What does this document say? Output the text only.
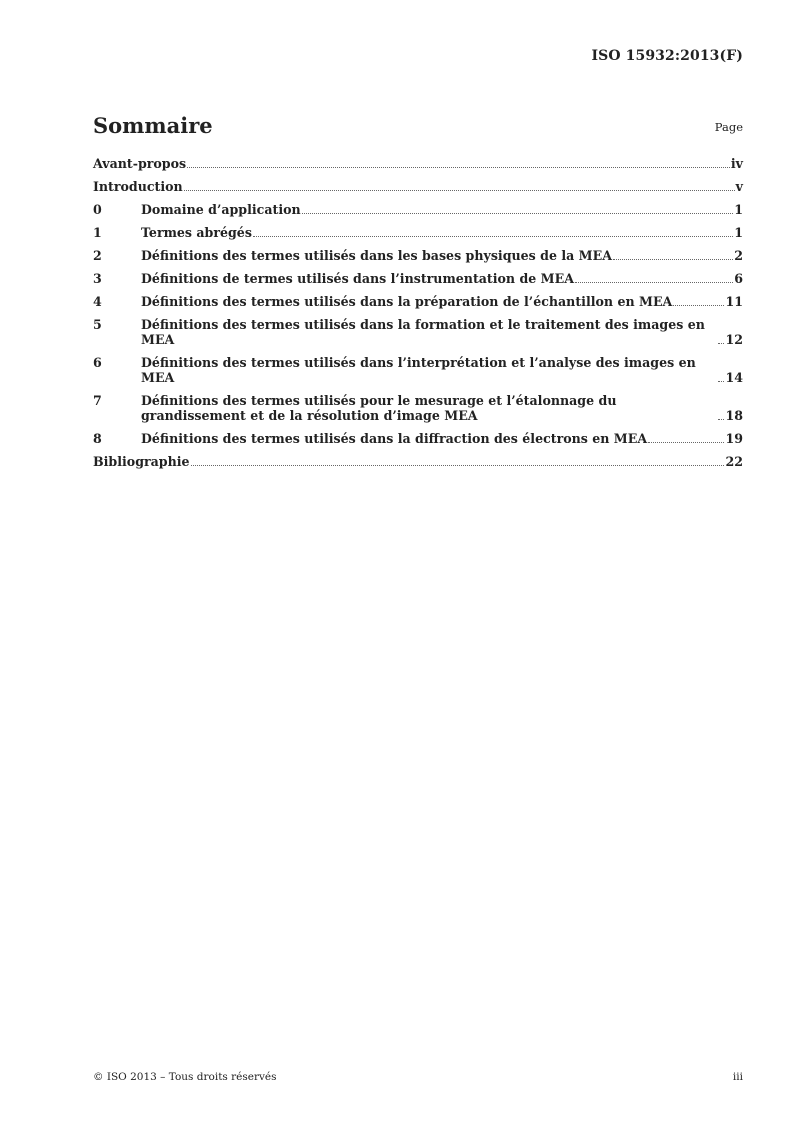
ISO 15932:2013(F)
Sommaire	Page
Avant-propos	iv
Introduction	v
0	Domaine d’application	1
1	Termes abrégés	1
2	Définitions des termes utilisés dans les bases physiques de la MEA	2
3	Définitions de termes utilisés dans l’instrumentation de MEA	6
4	Définitions des termes utilisés dans la préparation de l’échantillon en MEA	11
5	Définitions des termes utilisés dans la formation et le traitement des images en MEA	12
6	Définitions des termes utilisés dans l’interprétation et l’analyse des images en MEA	14
7	Définitions des termes utilisés pour le mesurage et l’étalonnage du grandissement et de la résolution d’image MEA	18
8	Définitions des termes utilisés dans la diffraction des électrons en MEA	19
Bibliographie	22
© ISO 2013 – Tous droits réservés	iii
